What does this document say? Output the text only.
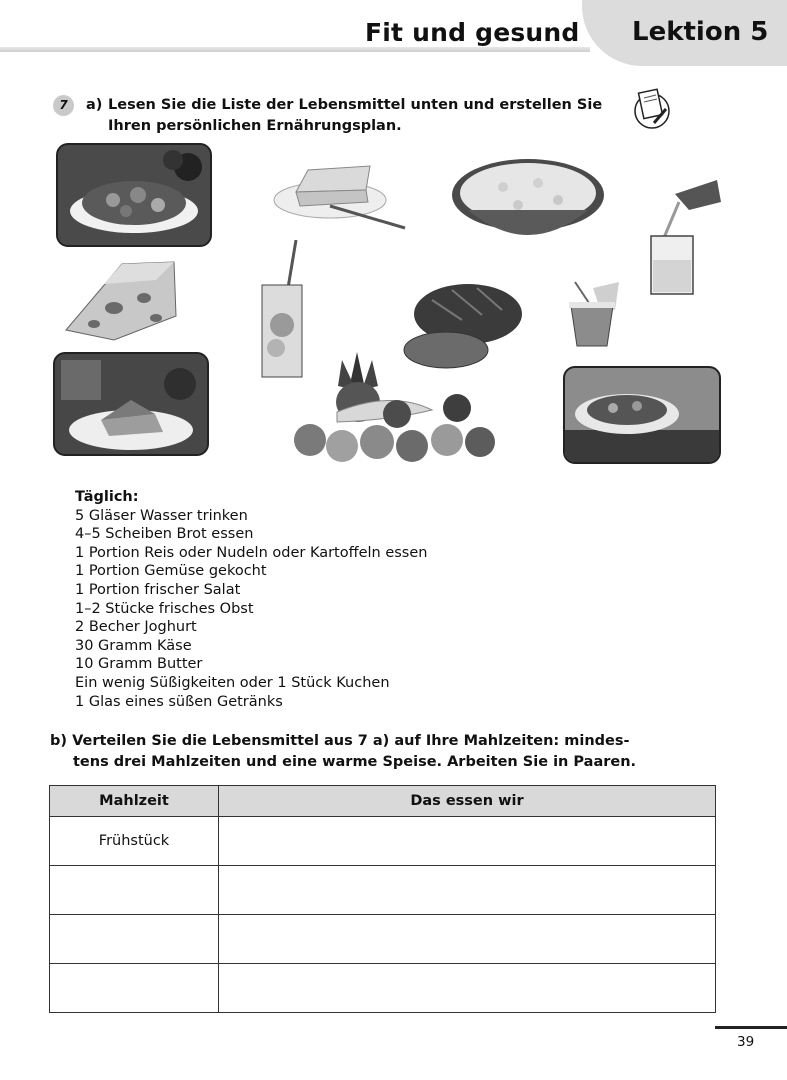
Fit und gesund Lektion 5
7	a) Lesen Sie die Liste der Lebensmittel unten und erstellen Sie
Ihren persönlichen Ernährungsplan.
Täglich:
5 Gläser Wasser trinken
4–5 Scheiben Brot essen
1 Portion Reis oder Nudeln oder Kartoffeln essen
1 Portion Gemüse gekocht
1 Portion frischer Salat
1–2 Stücke frisches Obst
2 Becher Joghurt
30 Gramm Käse
10 Gramm Butter
Ein wenig Süßigkeiten oder 1 Stück Kuchen
1 Glas eines süßen Getränks
b) Verteilen Sie die Lebensmittel aus 7 a) auf Ihre Mahlzeiten: mindes-
tens drei Mahlzeiten und eine warme Speise. Arbeiten Sie in Paaren.
Mahlzeit	Das essen wir
Frühstück	

39
